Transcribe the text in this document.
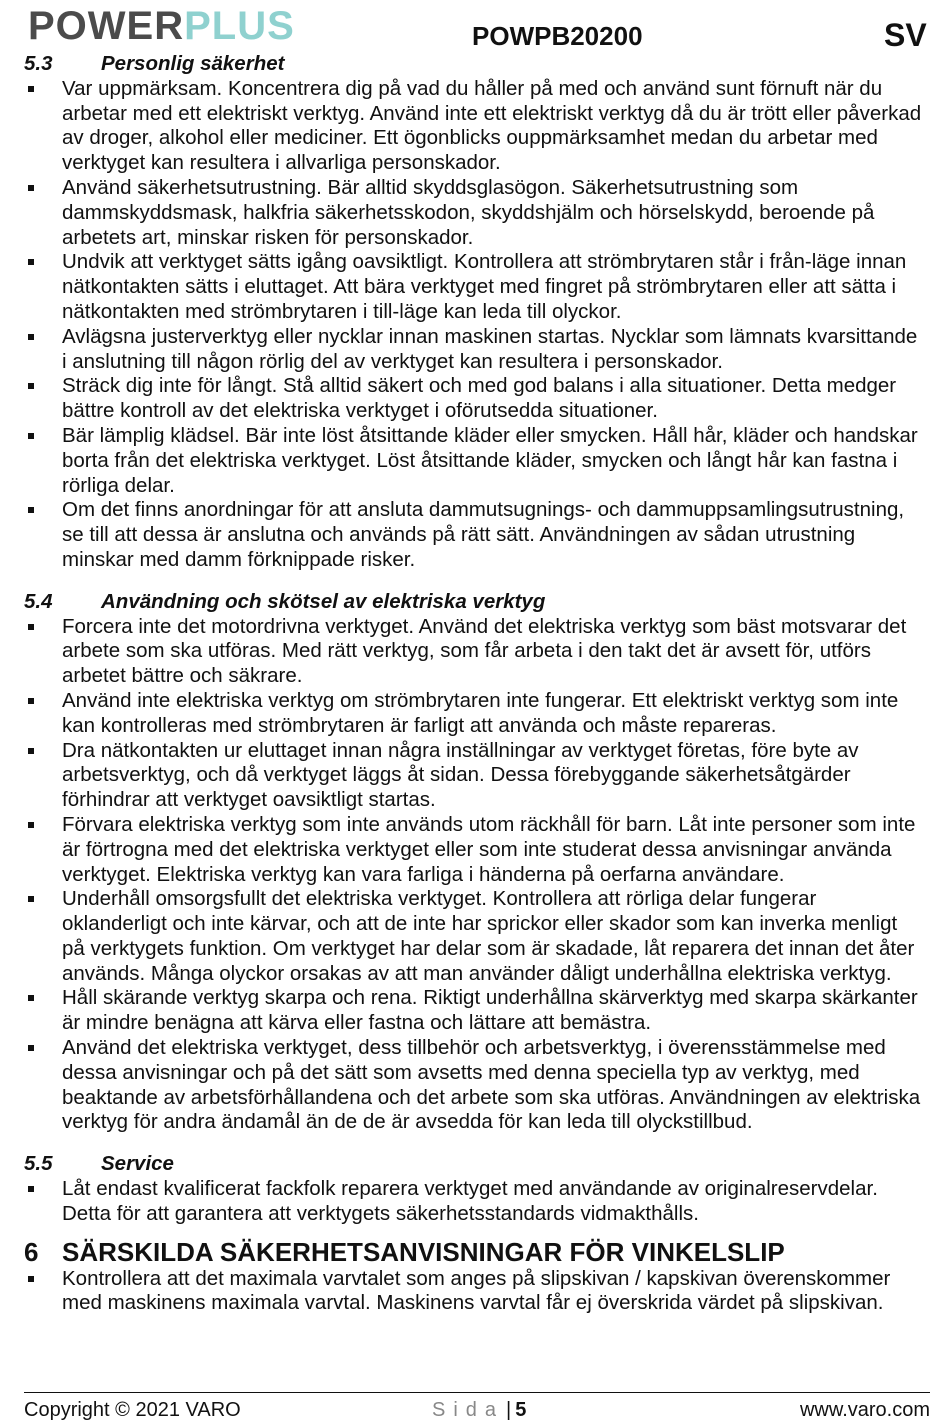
POWERPLUS	POWPB20200	SV
5.3	Personlig säkerhet
Var uppmärksam. Koncentrera dig på vad du håller på med och använd sunt förnuft när du arbetar med ett elektriskt verktyg. Använd inte ett elektriskt verktyg då du är trött eller påverkad av droger, alkohol eller mediciner. Ett ögonblicks ouppmärksamhet medan du arbetar med verktyget kan resultera i allvarliga personskador.
Använd säkerhetsutrustning. Bär alltid skyddsglasögon. Säkerhetsutrustning som dammskyddsmask, halkfria säkerhetsskodon, skyddshjälm och hörselskydd, beroende på arbetets art, minskar risken för personskador.
Undvik att verktyget sätts igång oavsiktligt. Kontrollera att strömbrytaren står i från-läge innan nätkontakten sätts i eluttaget. Att bära verktyget med fingret på strömbrytaren eller att sätta i nätkontakten med strömbrytaren i till-läge kan leda till olyckor.
Avlägsna justerverktyg eller nycklar innan maskinen startas. Nycklar som lämnats kvarsittande i anslutning till någon rörlig del av verktyget kan resultera i personskador.
Sträck dig inte för långt. Stå alltid säkert och med god balans i alla situationer. Detta medger bättre kontroll av det elektriska verktyget i oförutsedda situationer.
Bär lämplig klädsel. Bär inte löst åtsittande kläder eller smycken. Håll hår, kläder och handskar borta från det elektriska verktyget. Löst åtsittande kläder, smycken och långt hår kan fastna i rörliga delar.
Om det finns anordningar för att ansluta dammutsugnings- och dammuppsamlingsutrustning, se till att dessa är anslutna och används på rätt sätt. Användningen av sådan utrustning minskar med damm förknippade risker.
5.4	Användning och skötsel av elektriska verktyg
Forcera inte det motordrivna verktyget. Använd det elektriska verktyg som bäst motsvarar det arbete som ska utföras. Med rätt verktyg, som får arbeta i den takt det är avsett för, utförs arbetet bättre och säkrare.
Använd inte elektriska verktyg om strömbrytaren inte fungerar. Ett elektriskt verktyg som inte kan kontrolleras med strömbrytaren är farligt att använda och måste repareras.
Dra nätkontakten ur eluttaget innan några inställningar av verktyget företas, före byte av arbetsverktyg, och då verktyget läggs åt sidan. Dessa förebyggande säkerhetsåtgärder förhindrar att verktyget oavsiktligt startas.
Förvara elektriska verktyg som inte används utom räckhåll för barn. Låt inte personer som inte är förtrogna med det elektriska verktyget eller som inte studerat dessa anvisningar använda verktyget. Elektriska verktyg kan vara farliga i händerna på oerfarna användare.
Underhåll omsorgsfullt det elektriska verktyget. Kontrollera att rörliga delar fungerar oklanderligt och inte kärvar, och att de inte har sprickor eller skador som kan inverka menligt på verktygets funktion. Om verktyget har delar som är skadade, låt reparera det innan det åter används. Många olyckor orsakas av att man använder dåligt underhållna elektriska verktyg.
Håll skärande verktyg skarpa och rena. Riktigt underhållna skärverktyg med skarpa skärkanter är mindre benägna att kärva eller fastna och lättare att bemästra.
Använd det elektriska verktyget, dess tillbehör och arbetsverktyg, i överensstämmelse med dessa anvisningar och på det sätt som avsetts med denna speciella typ av verktyg, med beaktande av arbetsförhållandena och det arbete som ska utföras. Användningen av elektriska verktyg för andra ändamål än de de är avsedda för kan leda till olyckstillbud.
5.5	Service
Låt endast kvalificerat fackfolk reparera verktyget med användande av originalreservdelar. Detta för att garantera att verktygets säkerhetsstandards vidmakthålls.
6 SÄRSKILDA SÄKERHETSANVISNINGAR FÖR VINKELSLIP
Kontrollera att det maximala varvtalet som anges på slipskivan / kapskivan överenskommer med maskinens maximala varvtal. Maskinens varvtal får ej överskrida värdet på slipskivan.
Copyright © 2021 VARO	Sida | 5	www.varo.com
